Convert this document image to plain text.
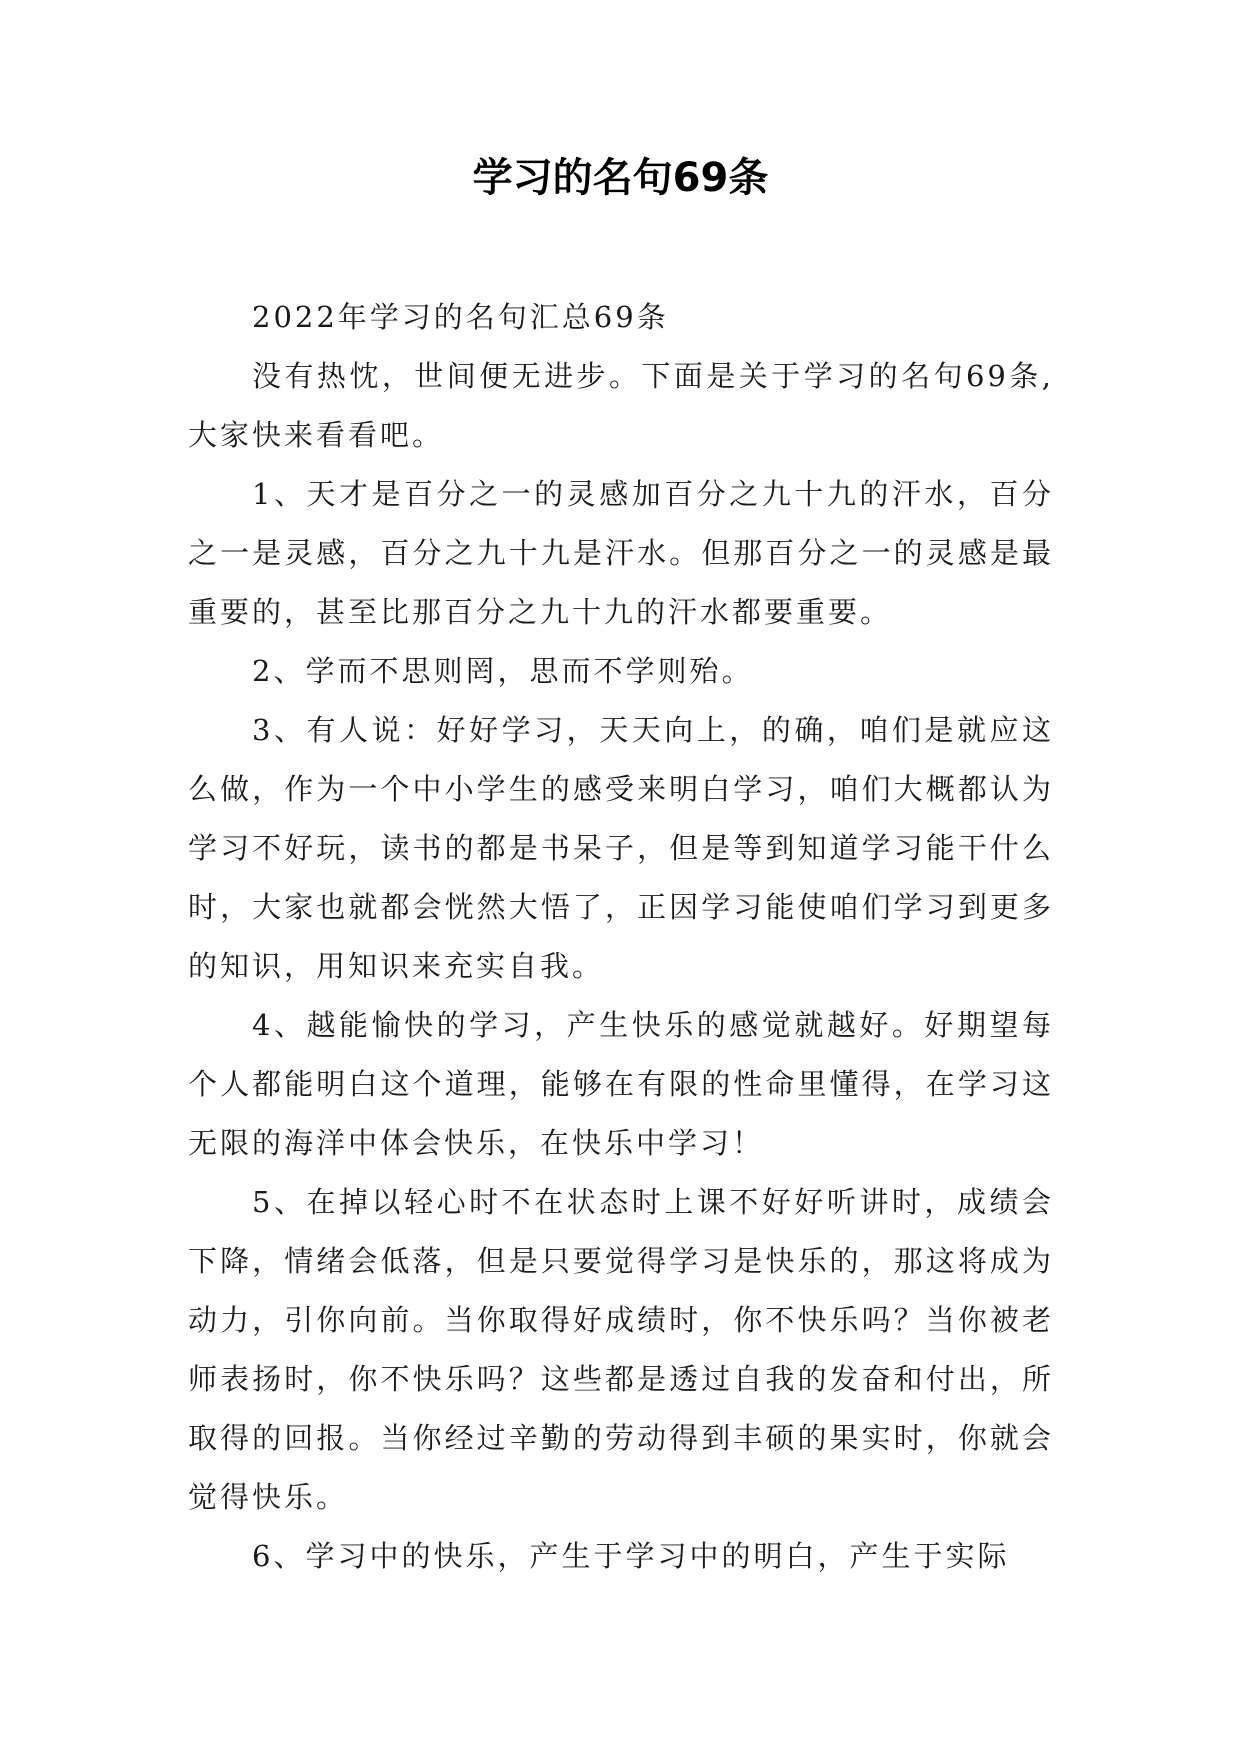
学习的名句69条

2022年学习的名句汇总69条

没有热忱，世间便无进步。下面是关于学习的名句69条,大家快来看看吧。

1、天才是百分之一的灵感加百分之九十九的汗水，百分之一是灵感，百分之九十九是汗水。但那百分之一的灵感是最重要的，甚至比那百分之九十九的汗水都要重要。

2、学而不思则罔，思而不学则殆。

3、有人说：好好学习，天天向上，的确，咱们是就应这么做，作为一个中小学生的感受来明白学习，咱们大概都认为学习不好玩，读书的都是书呆子，但是等到知道学习能干什么时，大家也就都会恍然大悟了，正因学习能使咱们学习到更多的知识，用知识来充实自我。

4、越能愉快的学习，产生快乐的感觉就越好。好期望每个人都能明白这个道理，能够在有限的性命里懂得，在学习这无限的海洋中体会快乐，在快乐中学习！

5、在掉以轻心时不在状态时上课不好好听讲时，成绩会下降，情绪会低落，但是只要觉得学习是快乐的，那这将成为动力，引你向前。当你取得好成绩时，你不快乐吗？当你被老师表扬时，你不快乐吗？这些都是透过自我的发奋和付出，所取得的回报。当你经过辛勤的劳动得到丰硕的果实时，你就会觉得快乐。

6、学习中的快乐，产生于学习中的明白，产生于实际
